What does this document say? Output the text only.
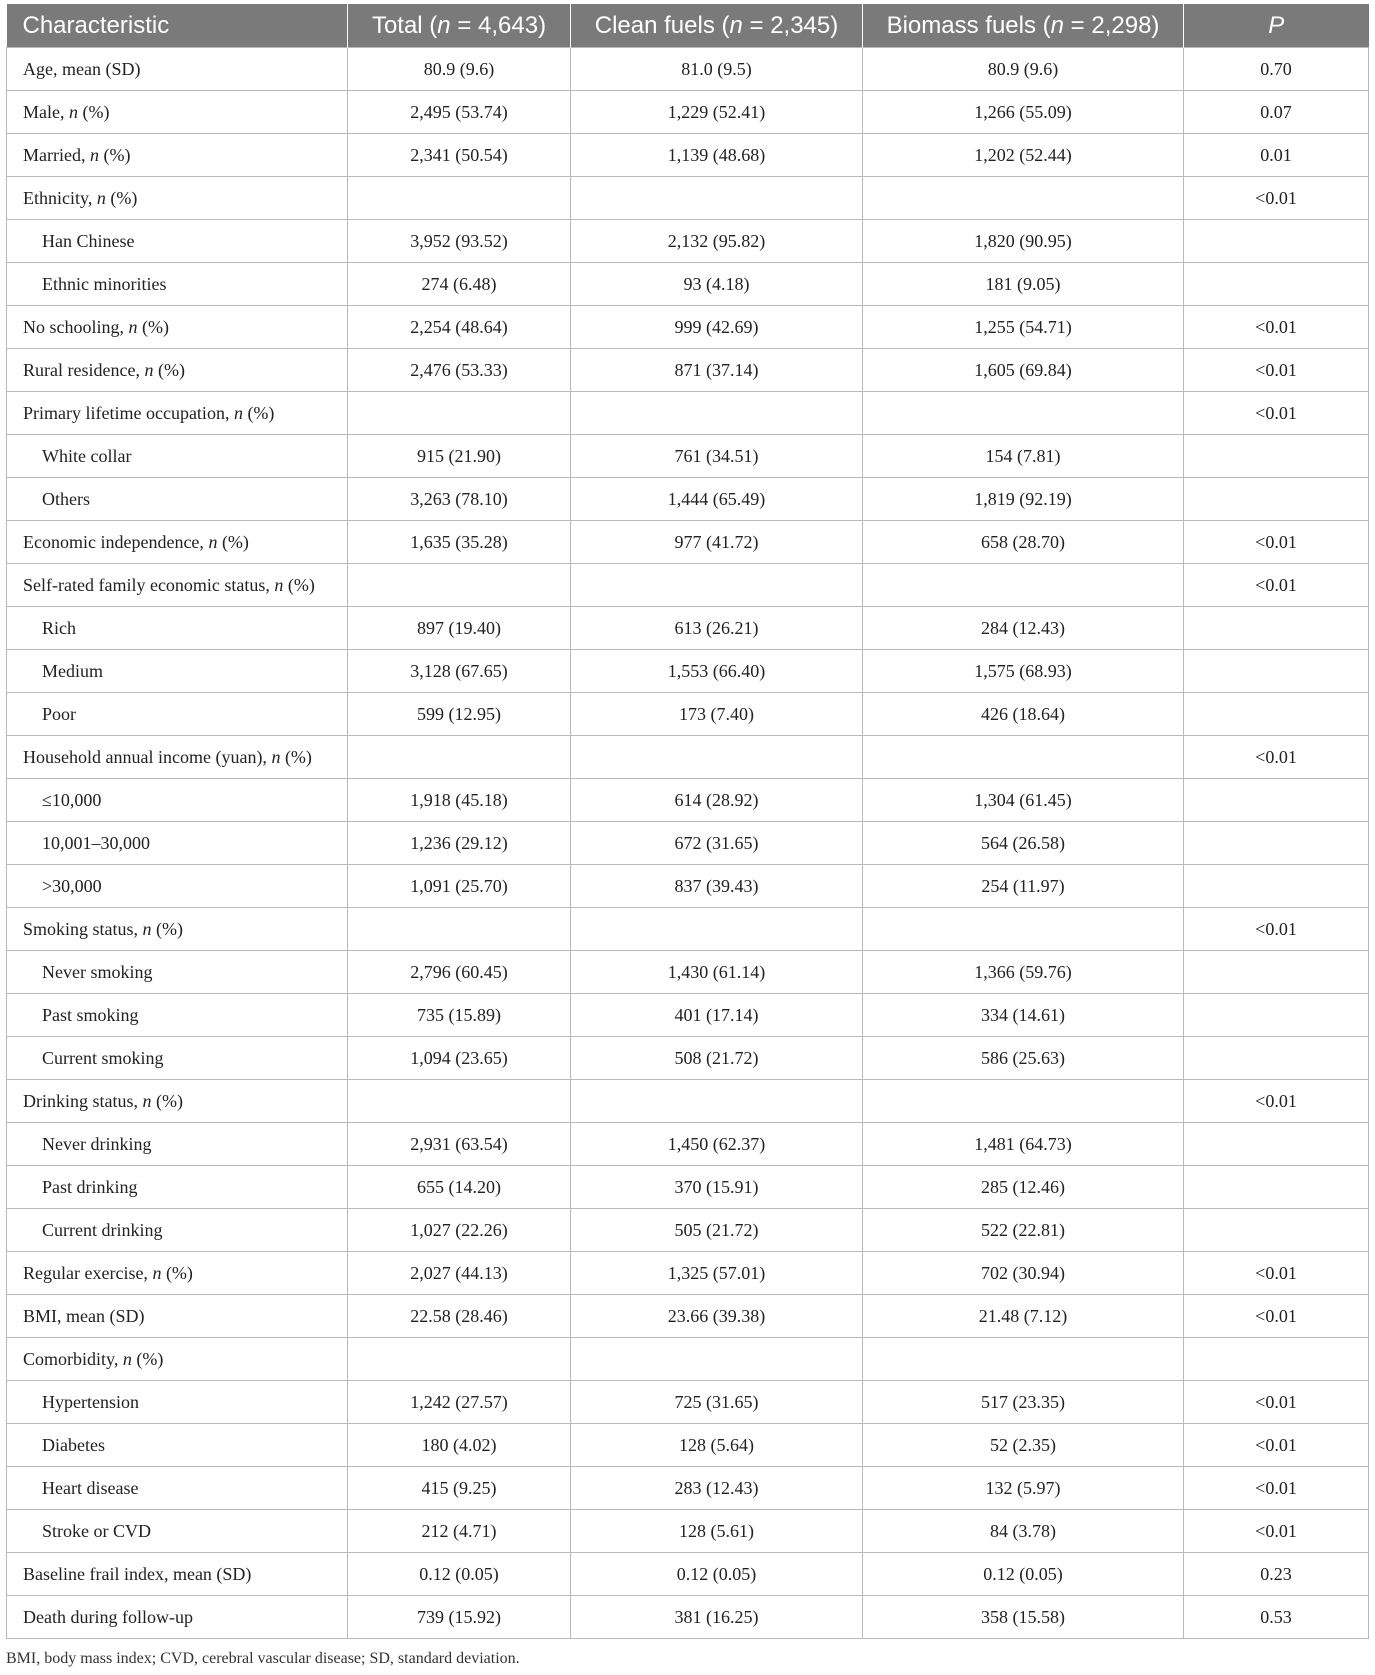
Characteristic	Total (n = 4,643)	Clean fuels (n = 2,345)	Biomass fuels (n = 2,298)	P
Age, mean (SD)	80.9 (9.6)	81.0 (9.5)	80.9 (9.6)	0.70
Male, n (%)	2,495 (53.74)	1,229 (52.41)	1,266 (55.09)	0.07
Married, n (%)	2,341 (50.54)	1,139 (48.68)	1,202 (52.44)	0.01
Ethnicity, n (%)				<0.01
Han Chinese	3,952 (93.52)	2,132 (95.82)	1,820 (90.95)	
Ethnic minorities	274 (6.48)	93 (4.18)	181 (9.05)	
No schooling, n (%)	2,254 (48.64)	999 (42.69)	1,255 (54.71)	<0.01
Rural residence, n (%)	2,476 (53.33)	871 (37.14)	1,605 (69.84)	<0.01
Primary lifetime occupation, n (%)				<0.01
White collar	915 (21.90)	761 (34.51)	154 (7.81)	
Others	3,263 (78.10)	1,444 (65.49)	1,819 (92.19)	
Economic independence, n (%)	1,635 (35.28)	977 (41.72)	658 (28.70)	<0.01
Self-rated family economic status, n (%)				<0.01
Rich	897 (19.40)	613 (26.21)	284 (12.43)	
Medium	3,128 (67.65)	1,553 (66.40)	1,575 (68.93)	
Poor	599 (12.95)	173 (7.40)	426 (18.64)	
Household annual income (yuan), n (%)				<0.01
≤10,000	1,918 (45.18)	614 (28.92)	1,304 (61.45)	
10,001–30,000	1,236 (29.12)	672 (31.65)	564 (26.58)	
>30,000	1,091 (25.70)	837 (39.43)	254 (11.97)	
Smoking status, n (%)				<0.01
Never smoking	2,796 (60.45)	1,430 (61.14)	1,366 (59.76)	
Past smoking	735 (15.89)	401 (17.14)	334 (14.61)	
Current smoking	1,094 (23.65)	508 (21.72)	586 (25.63)	
Drinking status, n (%)				<0.01
Never drinking	2,931 (63.54)	1,450 (62.37)	1,481 (64.73)	
Past drinking	655 (14.20)	370 (15.91)	285 (12.46)	
Current drinking	1,027 (22.26)	505 (21.72)	522 (22.81)	
Regular exercise, n (%)	2,027 (44.13)	1,325 (57.01)	702 (30.94)	<0.01
BMI, mean (SD)	22.58 (28.46)	23.66 (39.38)	21.48 (7.12)	<0.01
Comorbidity, n (%)				
Hypertension	1,242 (27.57)	725 (31.65)	517 (23.35)	<0.01
Diabetes	180 (4.02)	128 (5.64)	52 (2.35)	<0.01
Heart disease	415 (9.25)	283 (12.43)	132 (5.97)	<0.01
Stroke or CVD	212 (4.71)	128 (5.61)	84 (3.78)	<0.01
Baseline frail index, mean (SD)	0.12 (0.05)	0.12 (0.05)	0.12 (0.05)	0.23
Death during follow-up	739 (15.92)	381 (16.25)	358 (15.58)	0.53
BMI, body mass index; CVD, cerebral vascular disease; SD, standard deviation.
